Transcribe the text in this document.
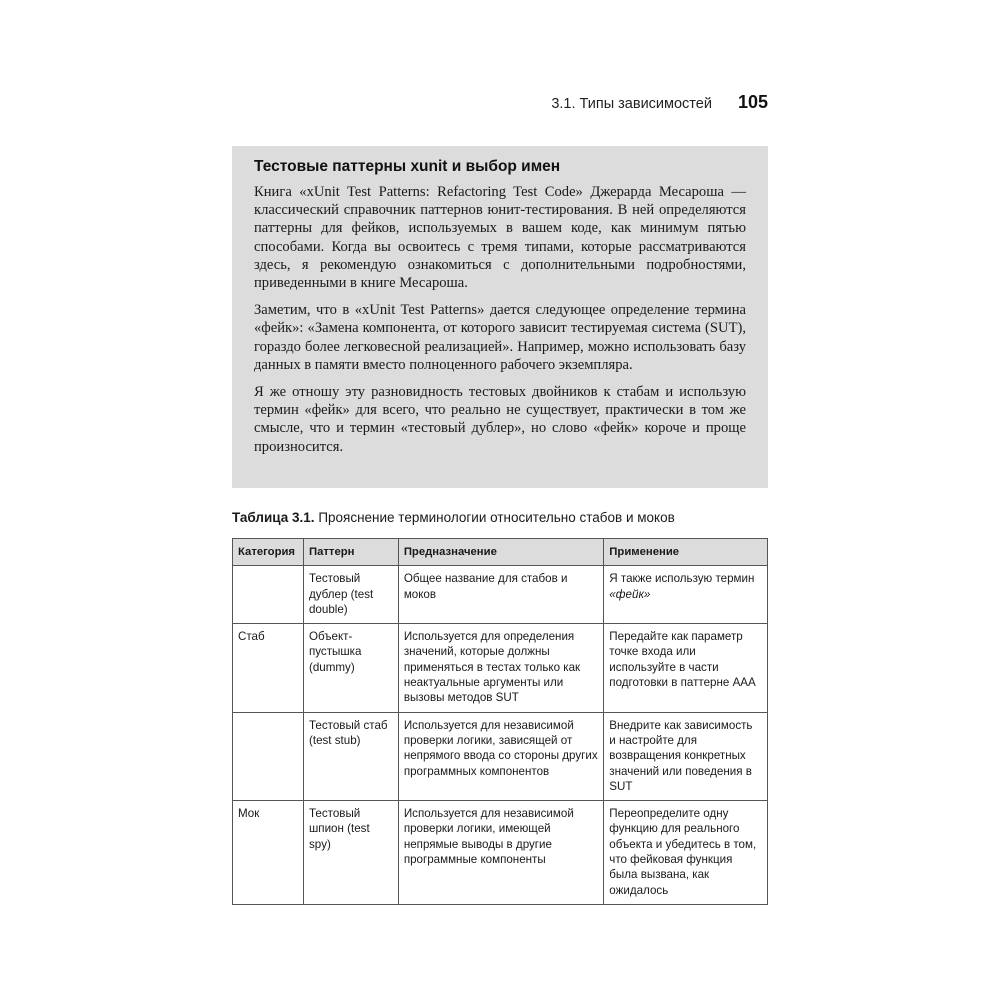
3.1. Типы зависимостей 105
Тестовые паттерны xunit и выбор имен

Книга «xUnit Test Patterns: Refactoring Test Code» Джерарда Месароша — классический справочник паттернов юнит-тестирования. В ней определяются паттерны для фейков, используемых в вашем коде, как минимум пятью способами. Когда вы освоитесь с тремя типами, которые рассматриваются здесь, я рекомендую ознакомиться с дополнительными подробностями, приведенными в книге Месароша.

Заметим, что в «xUnit Test Patterns» дается следующее определение термина «фейк»: «Замена компонента, от которого зависит тестируемая система (SUT), гораздо более легковесной реализацией». Например, можно использовать базу данных в памяти вместо полноценного рабочего экземпляра.

Я же отношу эту разновидность тестовых двойников к стабам и использую термин «фейк» для всего, что реально не существует, практически в том же смысле, что и термин «тестовый дублер», но слово «фейк» короче и проще произносится.

Таблица 3.1. Прояснение терминологии относительно стабов и моков
Категория	Паттерн	Предназначение	Применение
	Тестовый дублер (test double)	Общее название для стабов и моков	Я также использую термин «фейк»
Стаб	Объект-пустышка (dummy)	Используется для определения значений, которые должны применяться в тестах только как неактуальные аргументы или вызовы методов SUT	Передайте как параметр точке входа или используйте в части подготовки в паттерне AAA
	Тестовый стаб (test stub)	Используется для независимой проверки логики, зависящей от непрямого ввода со стороны других программных компонентов	Внедрите как зависимость и настройте для возвращения конкретных значений или поведения в SUT
Мок	Тестовый шпион (test spy)	Используется для независимой проверки логики, имеющей непрямые выводы в другие программные компоненты	Переопределите одну функцию для реального объекта и убедитесь в том, что фейковая функция была вызвана, как ожидалось
